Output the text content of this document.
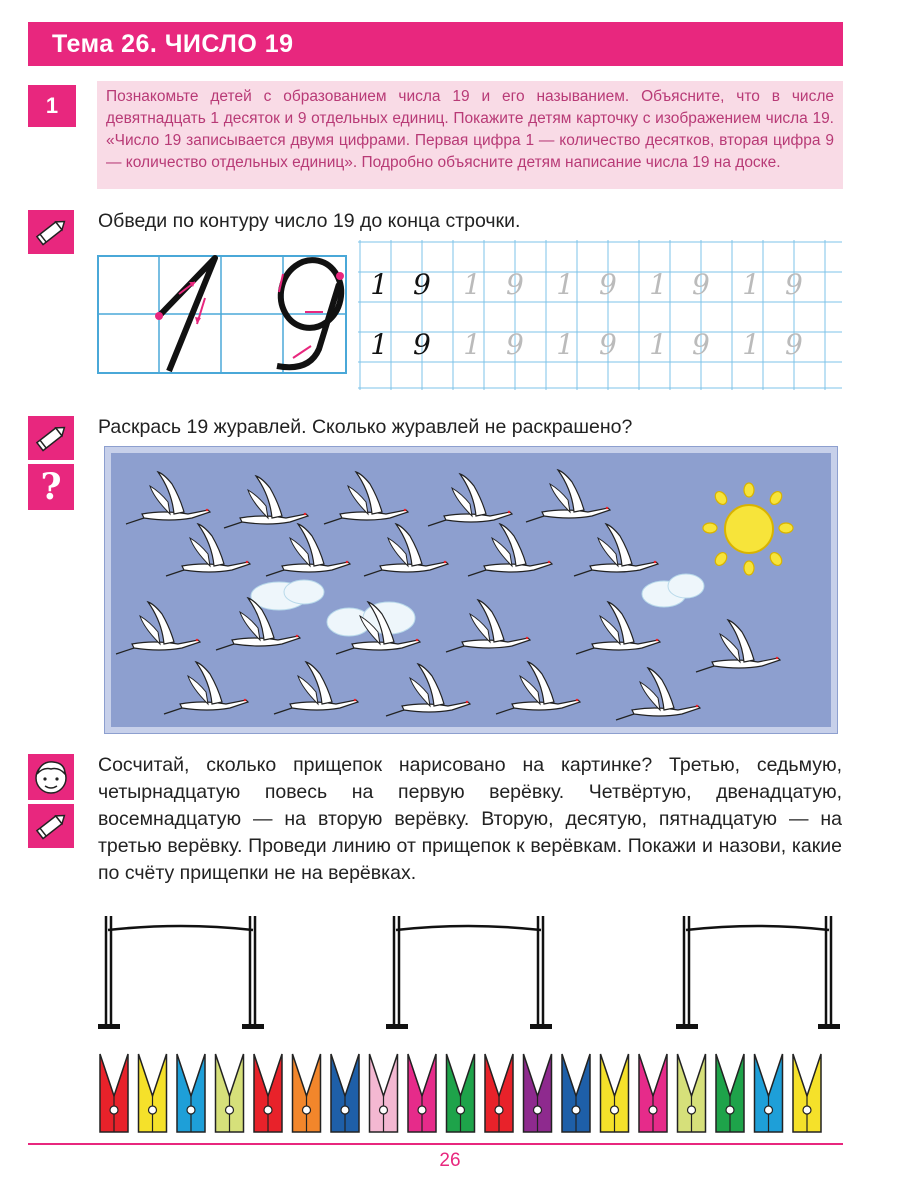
Тема 26. ЧИСЛО 19
1	Познакомьте детей с образованием числа 19 и его называнием. Объясните, что в числе девятнадцать 1 десяток и 9 отдельных единиц. Покажите детям карточку с изображением числа 19. «Число 19 записывается двумя цифрами. Первая цифра 1 — количество десятков, вторая цифра 9 — количество отдельных единиц». Подробно объясните детям написание числа 19 на доске.
Обведи по контуру число 19 до конца строчки.
1 9 1 9 1 9 1 9 1 9
1 9 1 9 1 9 1 9 1 9
?
Раскрась 19 журавлей. Сколько журавлей не раскрашено?
Сосчитай, сколько прищепок нарисовано на картинке? Третью, седьмую, четырнадцатую повесь на первую верёвку. Четвёртую, двенадцатую, восемнадцатую — на вторую верёвку. Вторую, десятую, пятнадцатую — на третью верёвку. Проведи линию от прищепок к верёвкам. Покажи и назови, какие по счёту прищепки не на верёвках.
26
